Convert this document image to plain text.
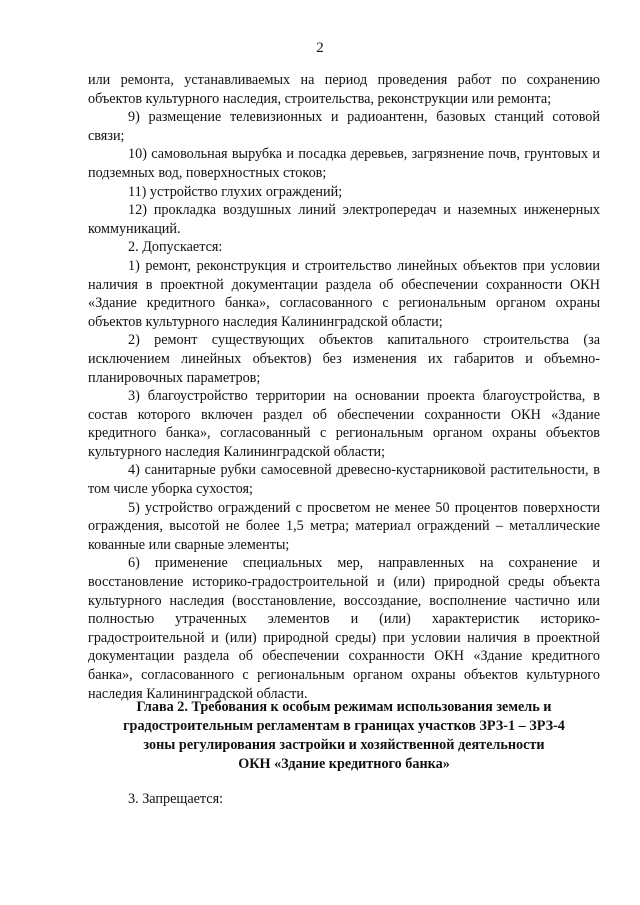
2

или ремонта, устанавливаемых на период проведения работ по сохранению объектов культурного наследия, строительства, реконструкции или ремонта;

9) размещение телевизионных и радиоантенн, базовых станций сотовой связи;

10) самовольная вырубка и посадка деревьев, загрязнение почв, грунтовых и подземных вод, поверхностных стоков;

11) устройство глухих ограждений;

12) прокладка воздушных линий электропередач и наземных инженерных коммуникаций.

2. Допускается:

1) ремонт, реконструкция и строительство линейных объектов при условии наличия в проектной документации раздела об обеспечении сохранности ОКН «Здание кредитного банка», согласованного с региональным органом охраны объектов культурного наследия Калининградской области;

2) ремонт существующих объектов капитального строительства (за исключением линейных объектов) без изменения их габаритов и объемно-планировочных параметров;

3) благоустройство территории на основании проекта благоустройства, в состав которого включен раздел об обеспечении сохранности ОКН «Здание кредитного банка», согласованный с региональным органом охраны объектов культурного наследия Калининградской области;

4) санитарные рубки самосевной древесно-кустарниковой растительности, в том числе уборка сухостоя;

5) устройство ограждений с просветом не менее 50 процентов поверхности ограждения, высотой не более 1,5 метра; материал ограждений – металлические кованные или сварные элементы;

6) применение специальных мер, направленных на сохранение и восстановление историко-градостроительной и (или) природной среды объекта культурного наследия (восстановление, воссоздание, восполнение частично или полностью утраченных элементов и (или) характеристик историко-градостроительной и (или) природной среды) при условии наличия в проектной документации раздела об обеспечении сохранности ОКН «Здание кредитного банка», согласованного с региональным органом охраны объектов культурного наследия Калининградской области.

Глава 2. Требования к особым режимам использования земель и
градостроительным регламентам в границах участков ЗРЗ-1 – ЗРЗ-4
зоны регулирования застройки и хозяйственной деятельности
ОКН «Здание кредитного банка»
3. Запрещается:
